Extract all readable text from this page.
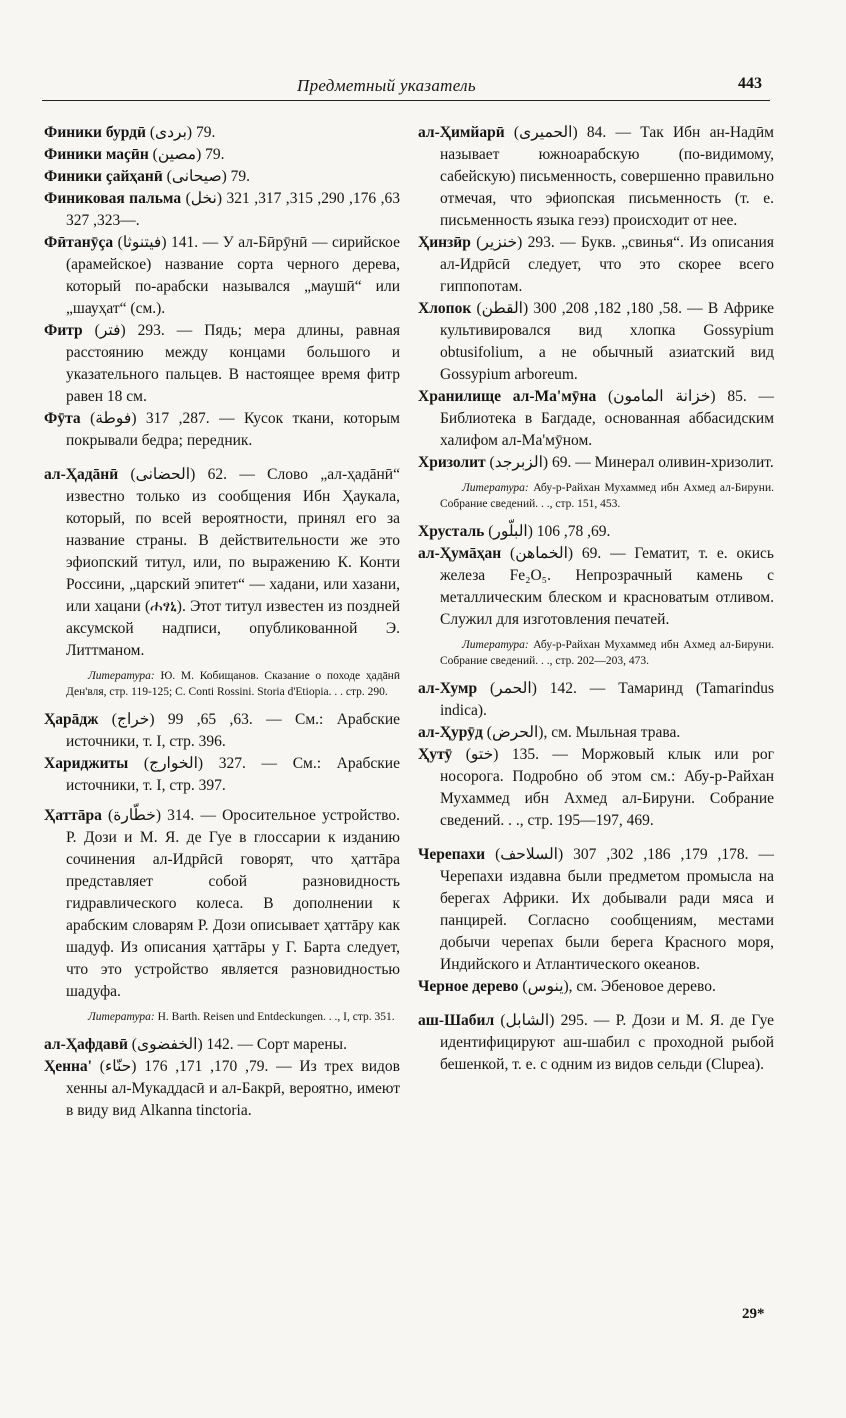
Предметный указатель	443

Финики бурдӣ (بردى) 79.

Финики маҫӣн (مصين) 79.

Финики ҫайҳанӣ (صيحانى) 79.

Финиковая пальма (نخل) 63, 176, 290, 315, 317, 321—323, 327.

Фӣтанӯҫа (فيتنوثا) 141. — У ал-Бӣрӯнӣ — сирийское (арамейское) название сорта черного дерева, который по-арабски назывался „маушӣ“ или „шауҳат“ (см.).

Фитр (فتر) 293. — Пядь; мера длины, равная расстоянию между концами большого и указательного пальцев. В настоящее время фитр равен 18 см.

Фӯта (فوطة) 287, 317. — Кусок ткани, которым покрывали бедра; передник.

ал-Ҳадāнӣ (الحضانى) 62. — Слово „ал-ҳадāнӣ“ известно только из сообщения Ибн Ҳаукала, который, по всей вероятности, принял его за название страны. В действительности же это эфиопский титул, или, по выражению К. Конти Россини, „царский эпитет“ — хадани, или хазани, или хацани (ሐፃኒ). Этот титул известен из поздней аксумской надписи, опубликованной Э. Литтманом.

Литература: Ю. М. Кобищанов. Сказание о походе ҳадāнӣ Ден'вля, стр. 119-125; C. Conti Rossini. Storia d'Etiopia. . . стр. 290.

Ҳарāдж (خراج) 63, 65, 99. — См.: Арабские источники, т. I, стр. 396.

Хариджиты (الخوارج) 327. — См.: Арабские источники, т. I, стр. 397.

Ҳаттāра (خطّارة) 314. — Оросительное устройство. Р. Дози и М. Я. де Гуе в глоссарии к изданию сочинения ал-Идрӣсӣ говорят, что ҳаттāра представляет собой разновидность гидравлического колеса. В дополнении к арабским словарям Р. Дози описывает ҳаттāру как шадуф. Из описания ҳаттāры у Г. Барта следует, что это устройство является разновидностью шадуфа.

Литература: H. Barth. Reisen und Entdeckungen. . ., I, стр. 351.

ал-Ҳафдавӣ (الخفضوى) 142. — Сорт марены.

Ҳенна' (حنّاء) 79, 170, 171, 176. — Из трех видов хенны ал-Мукаддасӣ и ал-Бакрӣ, вероятно, имеют в виду вид Alkanna tinctoria.

ал-Ҳимйарӣ (الحميرى) 84. — Так Ибн ан-Надӣм называет южноарабскую (по-видимому, сабейскую) письменность, совершенно правильно отмечая, что эфиопская письменность (т. е. письменность языка геэз) происходит от нее.

Ҳинзӣр (خنزير) 293. — Букв. „свинья“. Из описания ал-Идрӣсӣ следует, что это скорее всего гиппопотам.

Хлопок (القطن) 58, 180, 182, 208, 300. — В Африке культивировался вид хлопка Gossypium obtusifolium, а не обычный азиатский вид Gossypium arboreum.

Хранилище ал-Ма'мӯна (خزانة المامون) 85. — Библиотека в Багдаде, основанная аббасидским халифом ал-Ма'мӯном.

Хризолит (الزبرجد) 69. — Минерал оливин-хризолит.

Литература: Абу-р-Райхан Мухаммед ибн Ахмед ал-Бируни. Собрание сведений. . ., стр. 151, 453.

Хрусталь (البلّور) 69, 78, 106.

ал-Ҳумāҳан (الخماهن) 69. — Гематит, т. е. окись железа Fe₂O₅. Непрозрачный камень с металлическим блеском и красноватым отливом. Служил для изготовления печатей.

Литература: Абу-р-Райхан Мухаммед ибн Ахмед ал-Бируни. Собрание сведений. . ., стр. 202—203, 473.

ал-Хумр (الحمر) 142. — Тамаринд (Tamarindus indica).

ал-Ҳурӯд (الحرض), см. Мыльная трава.

Ҳутӯ (ختو) 135. — Моржовый клык или рог носорога. Подробно об этом см.: Абу-р-Райхан Мухаммед ибн Ахмед ал-Бируни. Собрание сведений. . ., стр. 195—197, 469.

Черепахи (السلاحف) 178, 179, 186, 302, 307. — Черепахи издавна были предметом промысла на берегах Африки. Их добывали ради мяса и панцирей. Согласно сообщениям, местами добычи черепах были берега Красного моря, Индийского и Атлантического океанов.

Черное дерево (ينوس), см. Эбеновое дерево.

аш-Шабил (الشابل) 295. — Р. Дози и М. Я. де Гуе идентифицируют аш-шабил с проходной рыбой бешенкой, т. е. с одним из видов сельди (Clupea).

29*
